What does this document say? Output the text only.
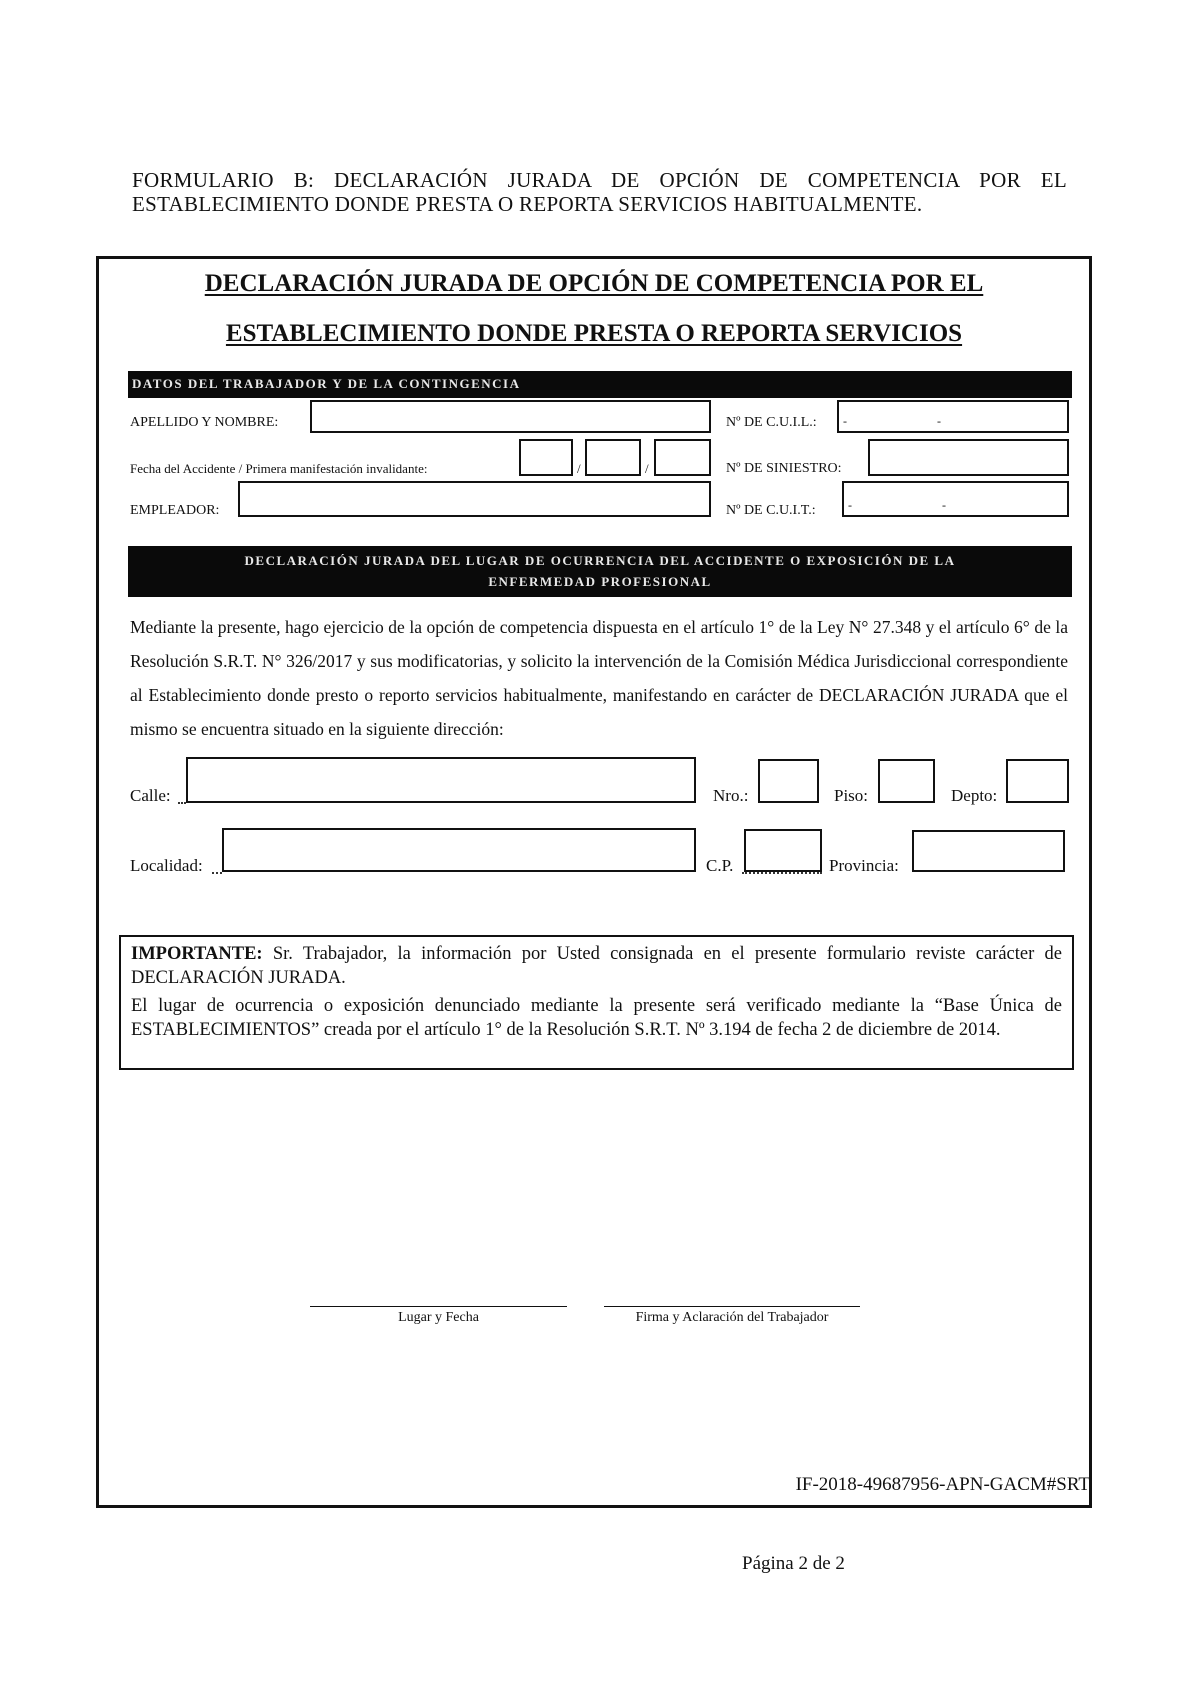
FORMULARIO B: DECLARACIÓN JURADA DE OPCIÓN DE COMPETENCIA POR EL
ESTABLECIMIENTO DONDE PRESTA O REPORTA SERVICIOS HABITUALMENTE.
DECLARACIÓN JURADA DE OPCIÓN DE COMPETENCIA POR EL
ESTABLECIMIENTO DONDE PRESTA O REPORTA SERVICIOS
DATOS DEL TRABAJADOR Y DE LA CONTINGENCIA
APELLIDO Y NOMBRE:	Nº DE C.U.I.L.: -                              -
Fecha del Accidente / Primera manifestación invalidante:	/	/	Nº DE SINIESTRO:
EMPLEADOR:	Nº DE C.U.I.T.:	-                              -
DECLARACIÓN JURADA DEL LUGAR DE OCURRENCIA DEL ACCIDENTE O EXPOSICIÓN DE LA
ENFERMEDAD PROFESIONAL
Mediante la presente, hago ejercicio de la opción de competencia dispuesta en el artículo 1° de la Ley N° 27.348 y el artículo 6° de la Resolución S.R.T. N° 326/2017 y sus modificatorias, y solicito la intervención de la Comisión Médica Jurisdiccional correspondiente al Establecimiento donde presto o reporto servicios habitualmente, manifestando en carácter de DECLARACIÓN JURADA que el mismo se encuentra situado en la siguiente dirección:
Calle:	Nro.:	Piso:	Depto:
Localidad:	C.P.	Provincia:

IMPORTANTE: Sr. Trabajador, la información por Usted consignada en el presente formulario reviste carácter de DECLARACIÓN JURADA.

El lugar de ocurrencia o exposición denunciado mediante la presente será verificado mediante la “Base Única de ESTABLECIMIENTOS” creada por el artículo 1° de la Resolución S.R.T. Nº 3.194 de fecha 2 de diciembre de 2014.

Lugar y Fecha	Firma y Aclaración del Trabajador
IF-2018-49687956-APN-GACM#SRT
Página 2 de 2
